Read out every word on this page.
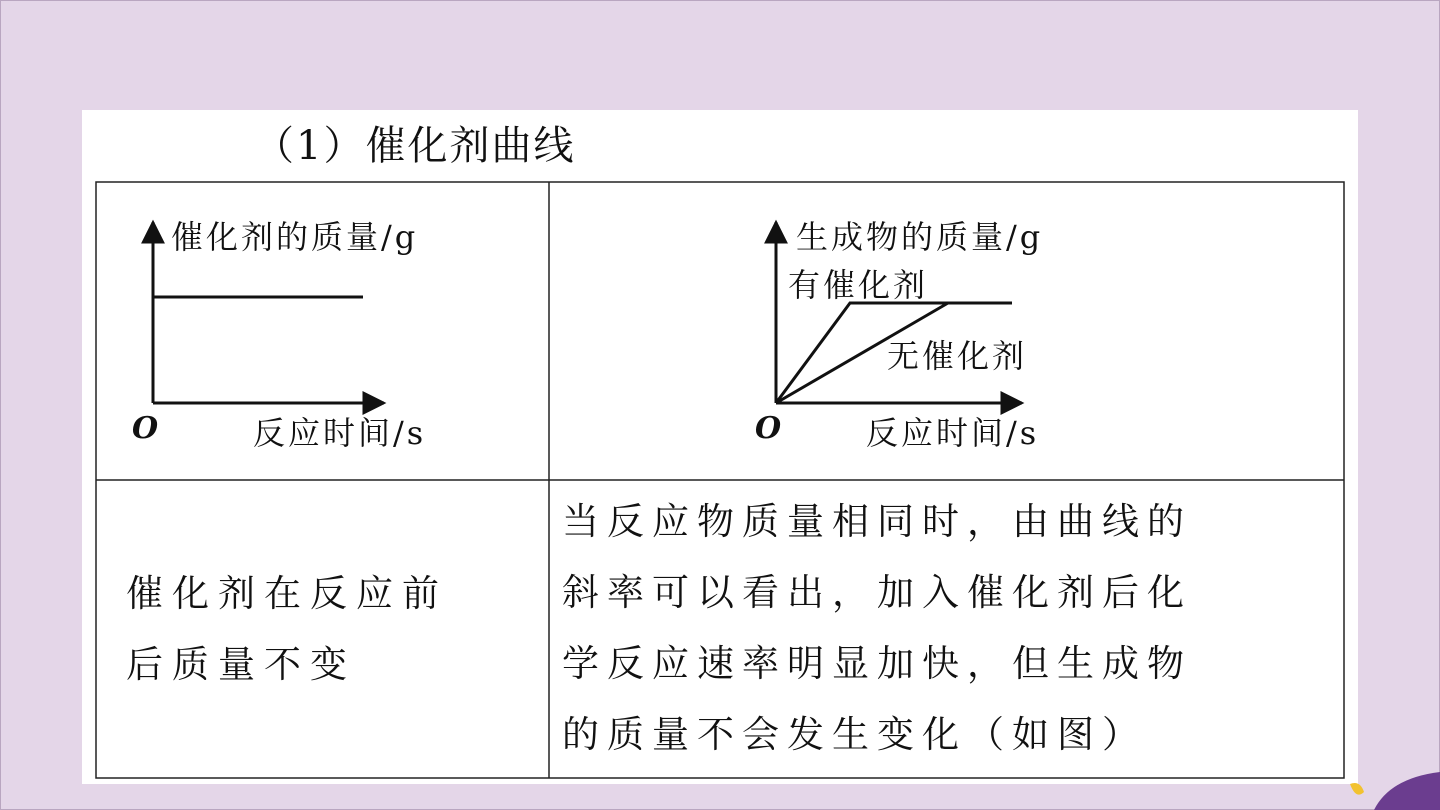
（1）催化剂曲线
催化剂的质量/g
反应时间/s
O
生成物的质量/g
有催化剂
无催化剂
反应时间/s
O
催化剂在反应前
后质量不变
当反应物质量相同时，由曲线的
斜率可以看出，加入催化剂后化
学反应速率明显加快，但生成物
的质量不会发生变化（如图）
